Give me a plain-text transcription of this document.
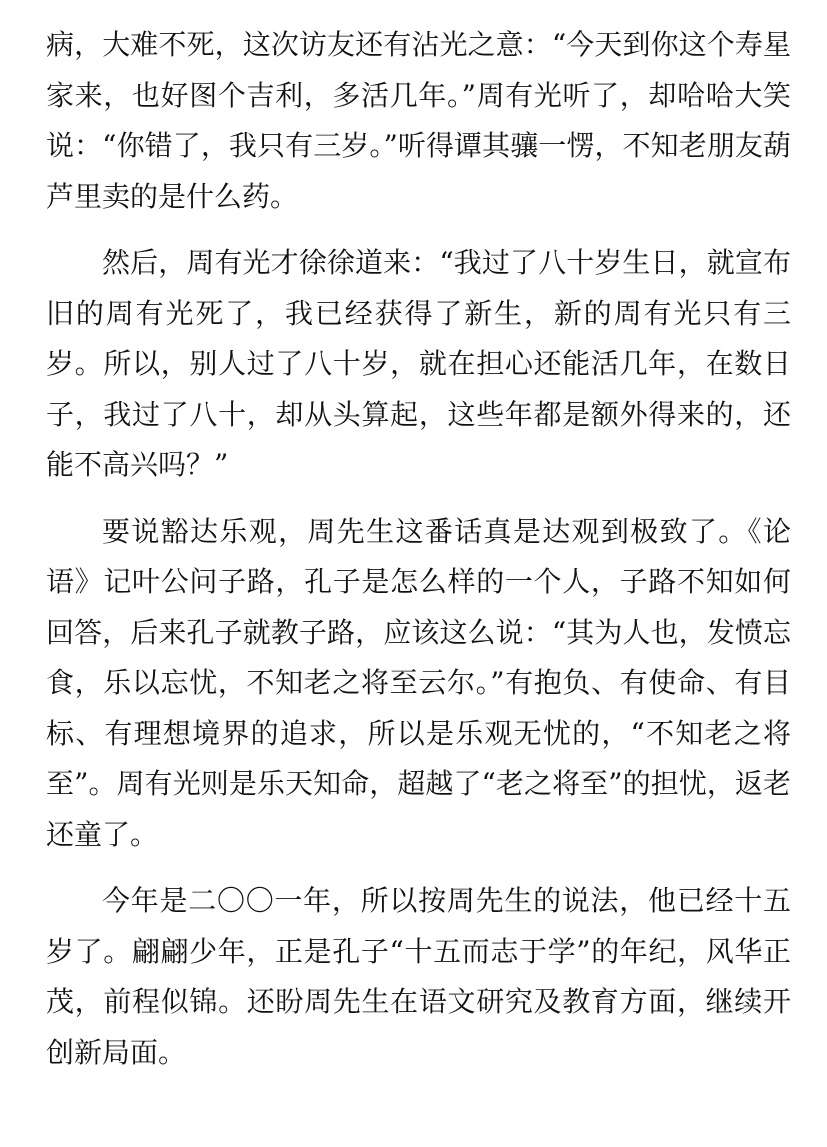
病，大难不死，这次访友还有沾光之意：“今天到你这个寿星家来，也好图个吉利，多活几年。”周有光听了，却哈哈大笑说：“你错了，我只有三岁。”听得谭其骧一愣，不知老朋友葫芦里卖的是什么药。

然后，周有光才徐徐道来：“我过了八十岁生日，就宣布旧的周有光死了，我已经获得了新生，新的周有光只有三岁。所以，别人过了八十岁，就在担心还能活几年，在数日子，我过了八十，却从头算起，这些年都是额外得来的，还能不高兴吗？”

要说豁达乐观，周先生这番话真是达观到极致了。《论语》记叶公问子路，孔子是怎么样的一个人，子路不知如何回答，后来孔子就教子路，应该这么说：“其为人也，发愤忘食，乐以忘忧，不知老之将至云尔。”有抱负、有使命、有目标、有理想境界的追求，所以是乐观无忧的，“不知老之将至”。周有光则是乐天知命，超越了“老之将至”的担忧，返老还童了。

今年是二〇〇一年，所以按周先生的说法，他已经十五岁了。翩翩少年，正是孔子“十五而志于学”的年纪，风华正茂，前程似锦。还盼周先生在语文研究及教育方面，继续开创新局面。
